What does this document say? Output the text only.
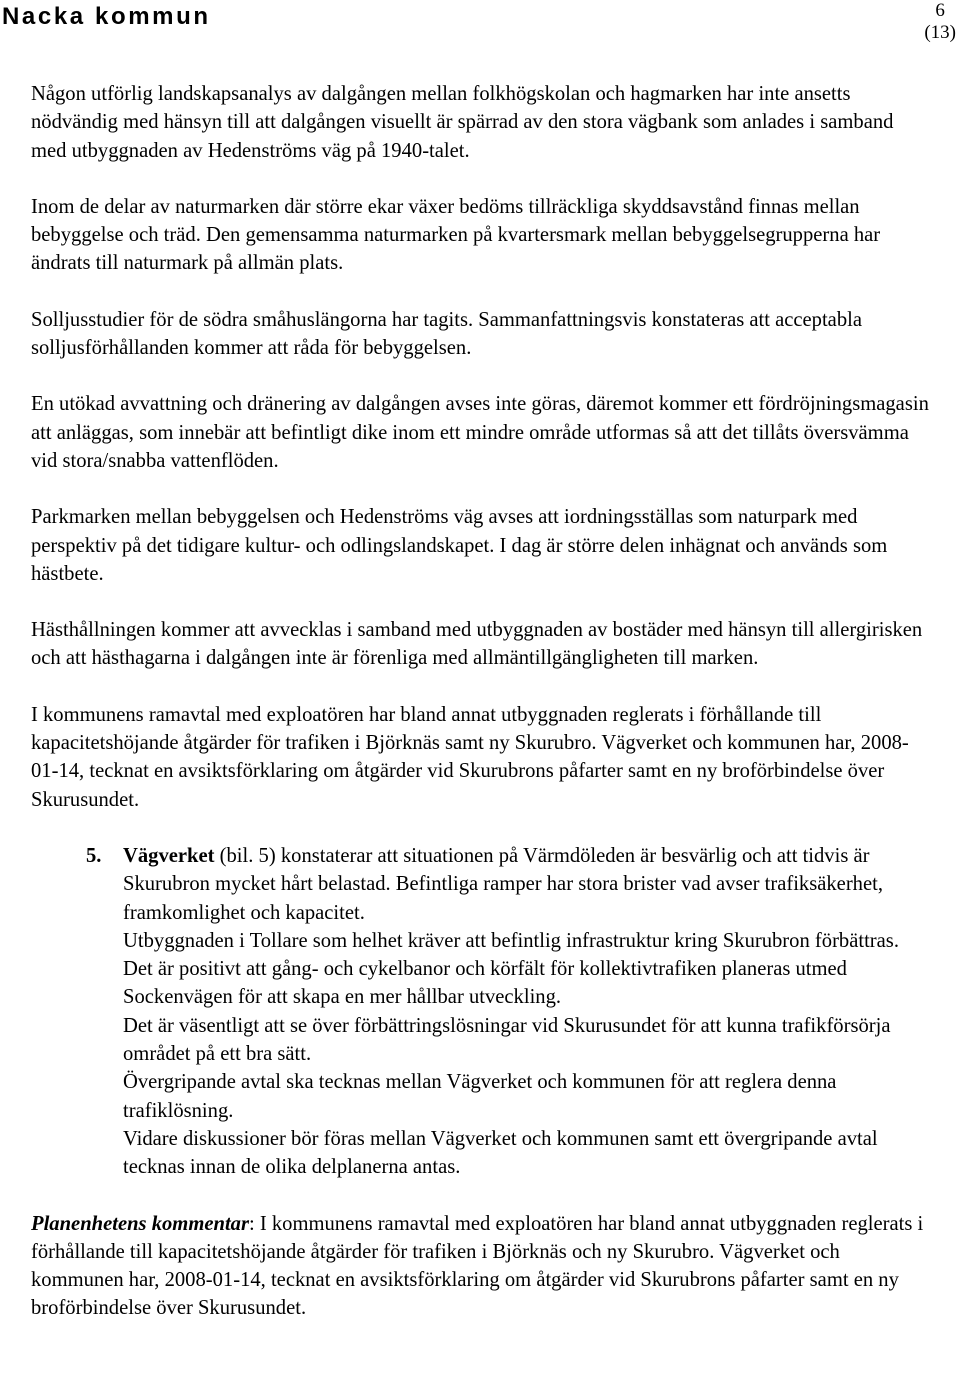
Nacka kommun	6
(13)

Någon utförlig landskapsanalys av dalgången mellan folkhögskolan och hagmarken har inte ansetts nödvändig med hänsyn till att dalgången visuellt är spärrad av den stora vägbank som anlades i samband med utbyggnaden av Hedenströms väg på 1940-talet.

Inom de delar av naturmarken där större ekar växer bedöms tillräckliga skyddsavstånd finnas mellan bebyggelse och träd. Den gemensamma naturmarken på kvartersmark mellan bebyggelsegrupperna har ändrats till naturmark på allmän plats.

Solljusstudier för de södra småhuslängorna har tagits. Sammanfattningsvis konstateras att acceptabla solljusförhållanden kommer att råda för bebyggelsen.

En utökad avvattning och dränering av dalgången avses inte göras, däremot kommer ett fördröjningsmagasin att anläggas, som innebär att befintligt dike inom ett mindre område utformas så att det tillåts översvämma vid stora/snabba vattenflöden.

Parkmarken mellan bebyggelsen och Hedenströms väg avses att iordningsställas som naturpark med perspektiv på det tidigare kultur- och odlingslandskapet. I dag är större delen inhägnat och används som hästbete.

Hästhållningen kommer att avvecklas i samband med utbyggnaden av bostäder med hänsyn till allergirisken och att hästhagarna i dalgången inte är förenliga med allmäntillgängligheten till marken.

I kommunens ramavtal med exploatören har bland annat utbyggnaden reglerats i förhållande till kapacitetshöjande åtgärder för trafiken i Björknäs samt ny Skurubro. Vägverket och kommunen har, 2008-01-14, tecknat en avsiktsförklaring om åtgärder vid Skurubrons påfarter samt en ny broförbindelse över Skurusundet.

5. Vägverket (bil. 5) konstaterar att situationen på Värmdöleden är besvärlig och att tidvis är Skurubron mycket hårt belastad. Befintliga ramper har stora brister vad avser trafiksäkerhet, framkomlighet och kapacitet.
Utbyggnaden i Tollare som helhet kräver att befintlig infrastruktur kring Skurubron förbättras.
Det är positivt att gång- och cykelbanor och körfält för kollektivtrafiken planeras utmed Sockenvägen för att skapa en mer hållbar utveckling.
Det är väsentligt att se över förbättringslösningar vid Skurusundet för att kunna trafikförsörja området på ett bra sätt.
Övergripande avtal ska tecknas mellan Vägverket och kommunen för att reglera denna trafiklösning.
Vidare diskussioner bör föras mellan Vägverket och kommunen samt ett övergripande avtal tecknas innan de olika delplanerna antas.

Planenhetens kommentar: I kommunens ramavtal med exploatören har bland annat utbyggnaden reglerats i förhållande till kapacitetshöjande åtgärder för trafiken i Björknäs och ny Skurubro. Vägverket och kommunen har, 2008-01-14, tecknat en avsiktsförklaring om åtgärder vid Skurubrons påfarter samt en ny broförbindelse över Skurusundet.
